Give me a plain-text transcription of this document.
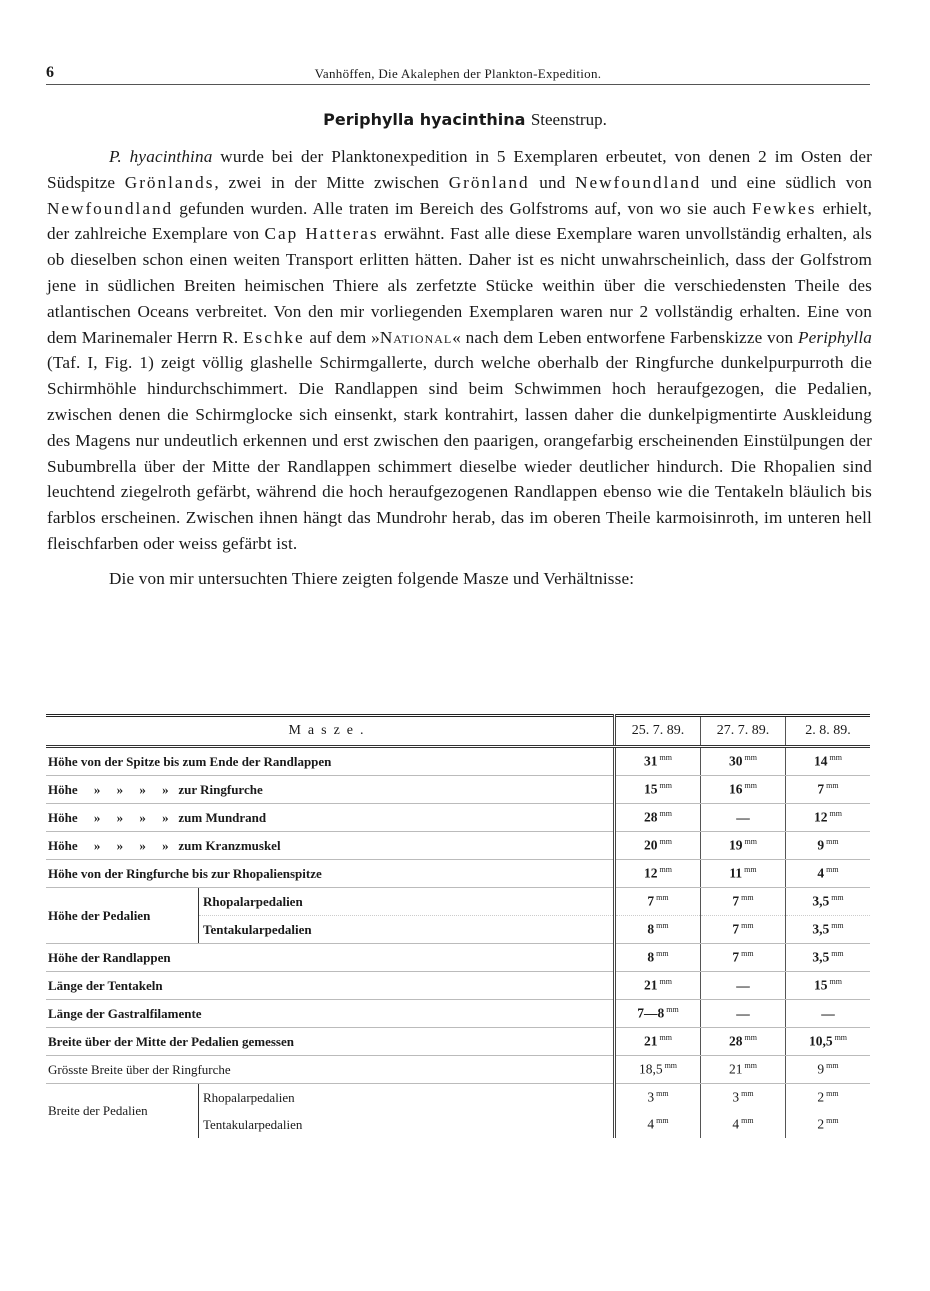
6	Vanhöffen, Die Akalephen der Plankton-Expedition.
Periphylla hyacinthina Steenstrup.

P. hyacinthina wurde bei der Planktonexpedition in 5 Exemplaren erbeutet, von denen 2 im Osten der Südspitze Grönlands, zwei in der Mitte zwischen Grönland und Newfoundland und eine südlich von Newfoundland gefunden wurden. Alle traten im Bereich des Golfstroms auf, von wo sie auch Fewkes erhielt, der zahlreiche Exemplare von Cap Hatteras erwähnt. Fast alle diese Exemplare waren unvollständig erhalten, als ob dieselben schon einen weiten Transport erlitten hätten. Daher ist es nicht unwahrscheinlich, dass der Golfstrom jene in südlichen Breiten heimischen Thiere als zerfetzte Stücke weithin über die verschiedensten Theile des atlantischen Oceans verbreitet. Von den mir vorliegenden Exemplaren waren nur 2 vollständig erhalten. Eine von dem Marinemaler Herrn R. Eschke auf dem »National« nach dem Leben entworfene Farbenskizze von Periphylla (Taf. I, Fig. 1) zeigt völlig glashelle Schirmgallerte, durch welche oberhalb der Ringfurche dunkelpurpurroth die Schirmhöhle hindurchschimmert. Die Randlappen sind beim Schwimmen hoch heraufgezogen, die Pedalien, zwischen denen die Schirmglocke sich einsenkt, stark kontrahirt, lassen daher die dunkelpigmentirte Auskleidung des Magens nur undeutlich erkennen und erst zwischen den paarigen, orangefarbig erscheinenden Einstülpungen der Subumbrella über der Mitte der Randlappen schimmert dieselbe wieder deutlicher hindurch. Die Rhopalien sind leuchtend ziegelroth gefärbt, während die hoch heraufgezogenen Randlappen ebenso wie die Tentakeln bläulich bis farblos erscheinen. Zwischen ihnen hängt das Mundrohr herab, das im oberen Theile karmoisinroth, im unteren hell fleischfarben oder weiss gefärbt ist.

Die von mir untersuchten Thiere zeigten folgende Masze und Verhältnisse:

Masze.		25. 7. 89.	27. 7. 89.	2. 8. 89.
Höhe von der Spitze bis zum Ende der Randlappen		31 $^{mm}$	30 $^{mm}$	14 $^{mm}$
Höhe     »     »     »     »   zur Ringfurche		15 $^{mm}$	16 $^{mm}$	7 $^{mm}$
Höhe     »     »     »     »   zum Mundrand		28 $^{mm}$	—	12 $^{mm}$
Höhe     »     »     »     »   zum Kranzmuskel		20 $^{mm}$	19 $^{mm}$	9 $^{mm}$
Höhe von der Ringfurche bis zur Rhopalienspitze		12 $^{mm}$	11 $^{mm}$	4 $^{mm}$
Höhe der Pedalien	Rhopalarpedalien	7 $^{mm}$	7 $^{mm}$	3,5 $^{mm}$
	Tentakularpedalien	8 $^{mm}$	7 $^{mm}$	3,5 $^{mm}$
Höhe der Randlappen		8 $^{mm}$	7 $^{mm}$	3,5 $^{mm}$
Länge der Tentakeln		21 $^{mm}$	—	15 $^{mm}$
Länge der Gastralfilamente		7—8 $^{mm}$	—	—
Breite über der Mitte der Pedalien gemessen		21 $^{mm}$	28 $^{mm}$	10,5 $^{mm}$
Grösste Breite über der Ringfurche		18,5 $^{mm}$	21 $^{mm}$	9 $^{mm}$
Breite der Pedalien	Rhopalarpedalien	3 $^{mm}$	3 $^{mm}$	2 $^{mm}$
	Tentakularpedalien	4 $^{mm}$	4 $^{mm}$	2 $^{mm}$
